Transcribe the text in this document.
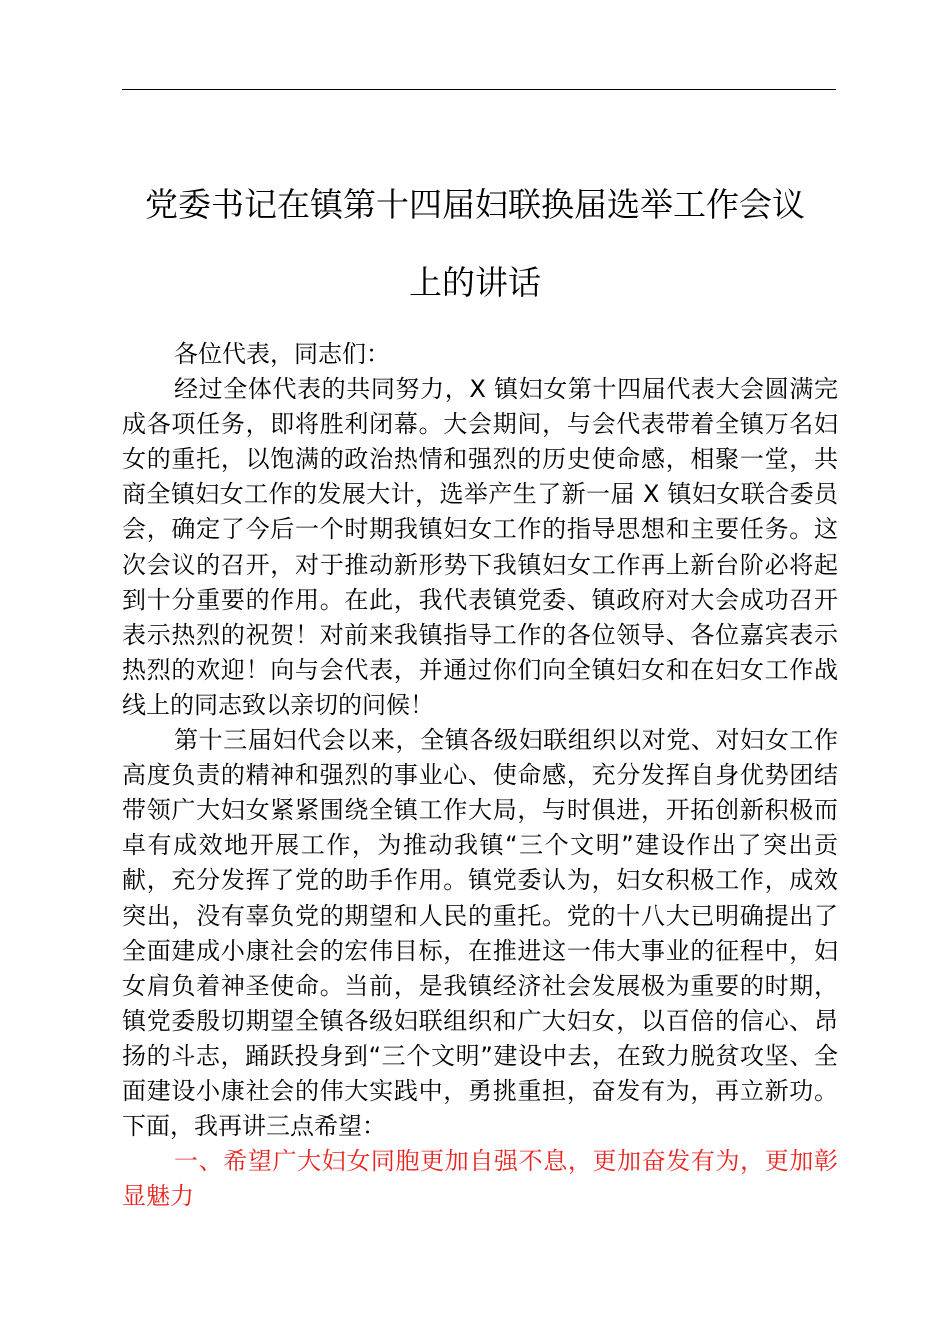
党委书记在镇第十四届妇联换届选举工作会议
上的讲话

各位代表，同志们：

经过全体代表的共同努力，X 镇妇女第十四届代表大会圆满完成各项任务，即将胜利闭幕。大会期间，与会代表带着全镇万名妇女的重托，以饱满的政治热情和强烈的历史使命感，相聚一堂，共商全镇妇女工作的发展大计，选举产生了新一届 X 镇妇女联合委员会，确定了今后一个时期我镇妇女工作的指导思想和主要任务。这次会议的召开，对于推动新形势下我镇妇女工作再上新台阶必将起到十分重要的作用。在此，我代表镇党委、镇政府对大会成功召开表示热烈的祝贺！对前来我镇指导工作的各位领导、各位嘉宾表示热烈的欢迎！向与会代表，并通过你们向全镇妇女和在妇女工作战线上的同志致以亲切的问候！

第十三届妇代会以来，全镇各级妇联组织以对党、对妇女工作高度负责的精神和强烈的事业心、使命感，充分发挥自身优势团结带领广大妇女紧紧围绕全镇工作大局，与时俱进，开拓创新积极而卓有成效地开展工作，为推动我镇“三个文明”建设作出了突出贡献，充分发挥了党的助手作用。镇党委认为，妇女积极工作，成效突出，没有辜负党的期望和人民的重托。党的十八大已明确提出了全面建成小康社会的宏伟目标，在推进这一伟大事业的征程中，妇女肩负着神圣使命。当前，是我镇经济社会发展极为重要的时期，镇党委殷切期望全镇各级妇联组织和广大妇女，以百倍的信心、昂扬的斗志，踊跃投身到“三个文明”建设中去，在致力脱贫攻坚、全面建设小康社会的伟大实践中，勇挑重担，奋发有为，再立新功。下面，我再讲三点希望：

一、希望广大妇女同胞更加自强不息，更加奋发有为，更加彰显魅力
